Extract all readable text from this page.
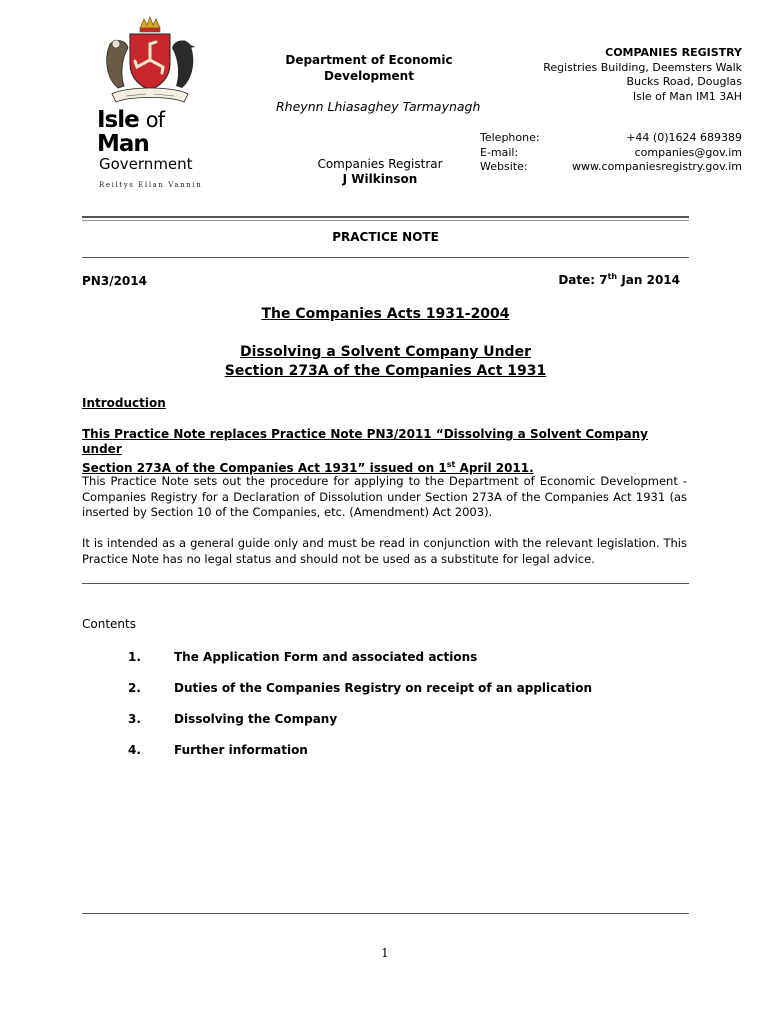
Isle of Man
Government
Reiltys Ellan Vannin
Department of Economic Development
Rheynn Lhiasaghey Tarmaynagh
Companies Registrar
J Wilkinson
COMPANIES REGISTRY
Registries Building, Deemsters Walk
Bucks Road, Douglas
Isle of Man IM1 3AH
Telephone:	+44 (0)1624 689389
E-mail:	companies@gov.im
Website:	www.companiesregistry.gov.im
PRACTICE NOTE
PN3/2014	Date: 7th Jan 2014
The Companies Acts 1931-2004
Dissolving a Solvent Company Under
Section 273A of the Companies Act 1931
Introduction
This Practice Note replaces Practice Note PN3/2011 “Dissolving a Solvent Company under
Section 273A of the Companies Act 1931” issued on 1st April 2011.
This Practice Note sets out the procedure for applying to the Department of Economic Development - Companies Registry for a Declaration of Dissolution under Section 273A of the Companies Act 1931 (as inserted by Section 10 of the Companies, etc. (Amendment) Act 2003).
It is intended as a general guide only and must be read in conjunction with the relevant legislation. This Practice Note has no legal status and should not be used as a substitute for legal advice.
Contents
1.	The Application Form and associated actions
2.	Duties of the Companies Registry on receipt of an application
3.	Dissolving the Company
4.	Further information
1
